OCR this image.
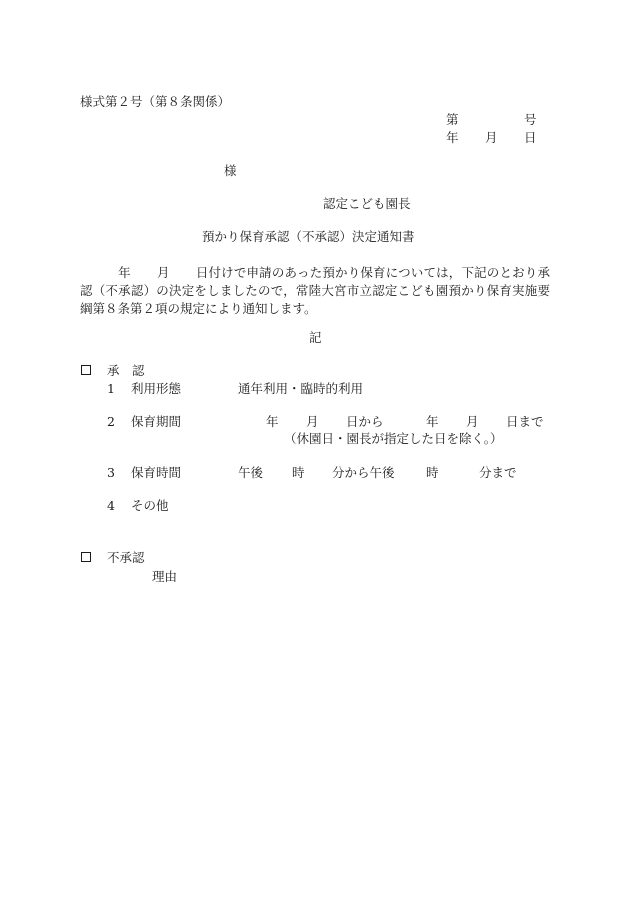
様式第２号（第８条関係）
第	号
年 月 日
様
認定こども園長
預かり保育承認（不承認）決定通知書
年 月 日付けで申請のあった預かり保育については，下記のとおり承認（不承認）の決定をしましたので，常陸大宮市立認定こども園預かり保育実施要綱第８条第２項の規定により通知します。
記
承　認
1 利用形態	通年利用・臨時的利用
2 保育期間	年 月 日から	年 月 日まで
（休園日・園長が指定した日を除く。）
3 保育時間	午後 時 分から午後	時	分まで
4 その他
不承認
理由
